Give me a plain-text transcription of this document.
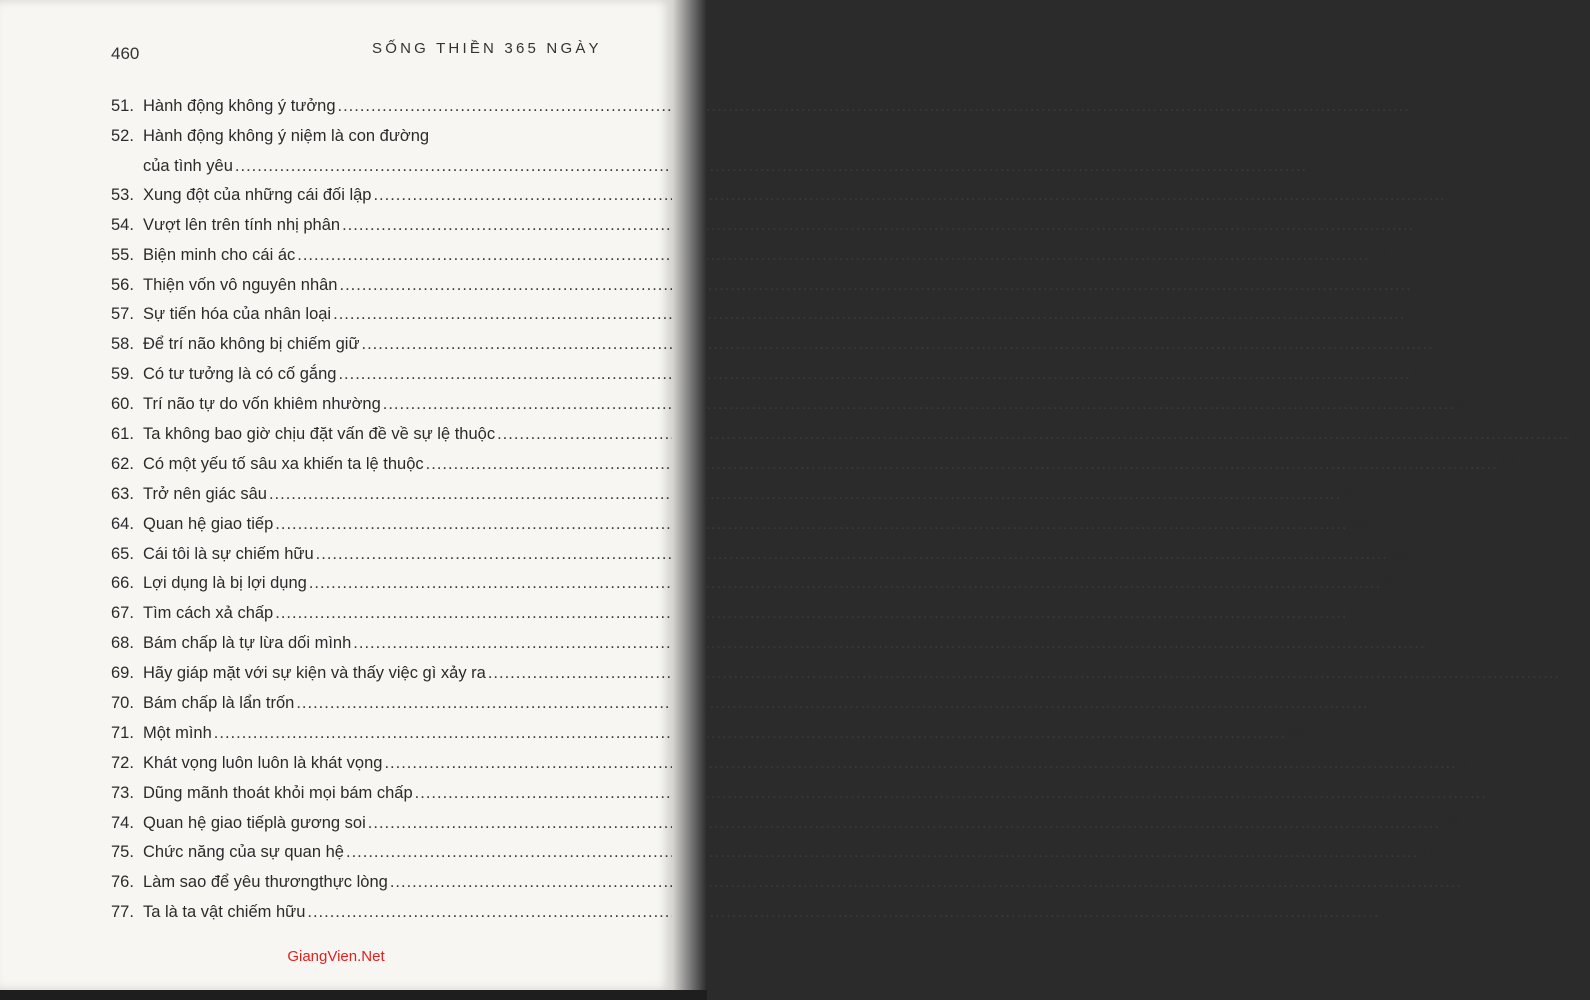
460	SỐNG THIỀN 365 NGÀY
51. Hành động không ý tưởng .....	70
52. Hành động không ý niệm là con đường
của tình yêu .....	71
53. Xung đột của những cái đối lập .....	72
54. Vượt lên trên tính nhị phân .....	73
55. Biện minh cho cái ác .....	74
56. Thiện vốn vô nguyên nhân .....	76
57. Sự tiến hóa của nhân loại .....	77
58. Để trí não không bị chiếm giữ .....	79
59. Có tư tưởng là có cố gắng .....	81
60. Trí não tự do vốn khiêm nhường .....	83
61. Ta không bao giờ chịu đặt vấn đề về sự lệ thuộc .....	84
62. Có một yếu tố sâu xa khiến ta lệ thuộc .....	86
63. Trở nên giác sâu .....	87
64. Quan hệ giao tiếp .....	88
65. Cái tôi là sự chiếm hữu .....	89
66. Lợi dụng là bị lợi dụng .....	90
67. Tìm cách xả chấp .....	91
68. Bám chấp là tự lừa dối mình .....	92
69. Hãy giáp mặt với sự kiện và thấy việc gì xảy ra .....	93
70. Bám chấp là lẩn trốn .....	95
71. Một mình .....	96
72. Khát vọng luôn luôn là khát vọng .....	97
73. Dũng mãnh thoát khỏi mọi bám chấp .....	98
74. Quan hệ giao tiếplà gương soi .....	99
75. Chức năng của sự quan hệ .....	100
76. Làm sao để yêu thươngthực lòng .....	102
77. Ta là ta vật chiếm hữu .....	103
GiangVien.Net
